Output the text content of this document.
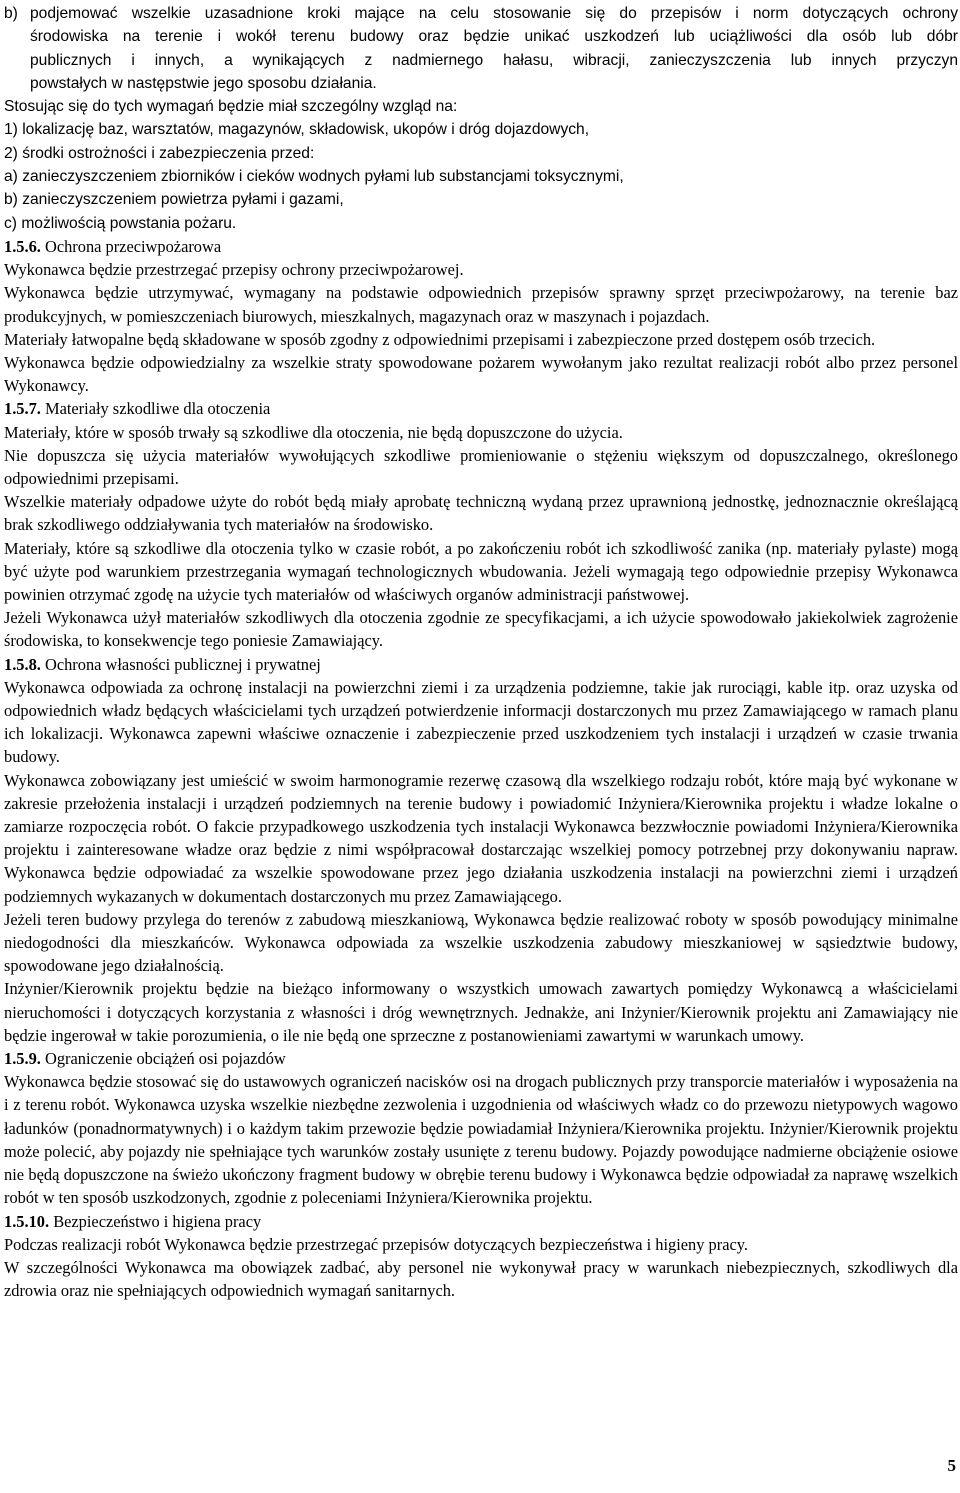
b) podjemować wszelkie uzasadnione kroki mające na celu stosowanie się do przepisów i norm dotyczących ochrony
środowiska na terenie i wokół terenu budowy oraz będzie unikać uszkodzeń lub uciążliwości dla osób lub dóbr
publicznych i innych, a wynikających z nadmiernego hałasu, wibracji, zanieczyszczenia lub innych przyczyn
powstałych w następstwie jego sposobu działania.

Stosując się do tych wymagań będzie miał szczególny wzgląd na:

1) lokalizację baz, warsztatów, magazynów, składowisk, ukopów i dróg dojazdowych,

2) środki ostrożności i zabezpieczenia przed:

a) zanieczyszczeniem zbiorników i cieków wodnych pyłami lub substancjami toksycznymi,

b) zanieczyszczeniem powietrza pyłami i gazami,

c) możliwością powstania pożaru.

1.5.6. Ochrona przeciwpożarowa

Wykonawca będzie przestrzegać przepisy ochrony przeciwpożarowej.

Wykonawca będzie utrzymywać, wymagany na podstawie odpowiednich przepisów sprawny sprzęt przeciwpożarowy, na terenie baz produkcyjnych, w pomieszczeniach biurowych, mieszkalnych, magazynach oraz w maszynach i pojazdach.

Materiały łatwopalne będą składowane w sposób zgodny z odpowiednimi przepisami i zabezpieczone przed dostępem osób trzecich.

Wykonawca będzie odpowiedzialny za wszelkie straty spowodowane pożarem wywołanym jako rezultat realizacji robót albo przez personel Wykonawcy.

1.5.7. Materiały szkodliwe dla otoczenia

Materiały, które w sposób trwały są szkodliwe dla otoczenia, nie będą dopuszczone do użycia.

Nie dopuszcza się użycia materiałów wywołujących szkodliwe promieniowanie o stężeniu większym od dopuszczalnego, określonego odpowiednimi przepisami.

Wszelkie materiały odpadowe użyte do robót będą miały aprobatę techniczną wydaną przez uprawnioną jednostkę, jednoznacznie określającą brak szkodliwego oddziaływania tych materiałów na środowisko.

Materiały, które są szkodliwe dla otoczenia tylko w czasie robót, a po zakończeniu robót ich szkodliwość zanika (np. materiały pylaste) mogą być użyte pod warunkiem przestrzegania wymagań technologicznych wbudowania. Jeżeli wymagają tego odpowiednie przepisy Wykonawca powinien otrzymać zgodę na użycie tych materiałów od właściwych organów administracji państwowej.

Jeżeli Wykonawca użył materiałów szkodliwych dla otoczenia zgodnie ze specyfikacjami, a ich użycie spowodowało jakiekolwiek zagrożenie środowiska, to konsekwencje tego poniesie Zamawiający.

1.5.8. Ochrona własności publicznej i prywatnej

Wykonawca odpowiada za ochronę instalacji na powierzchni ziemi i za urządzenia podziemne, takie jak rurociągi, kable itp. oraz uzyska od odpowiednich władz będących właścicielami tych urządzeń potwierdzenie informacji dostarczonych mu przez Zamawiającego w ramach planu ich lokalizacji. Wykonawca zapewni właściwe oznaczenie i zabezpieczenie przed uszkodzeniem tych instalacji i urządzeń w czasie trwania budowy.

Wykonawca zobowiązany jest umieścić w swoim harmonogramie rezerwę czasową dla wszelkiego rodzaju robót, które mają być wykonane w zakresie przełożenia instalacji i urządzeń podziemnych na terenie budowy i powiadomić Inżyniera/Kierownika projektu i władze lokalne o zamiarze rozpoczęcia robót. O fakcie przypadkowego uszkodzenia tych instalacji Wykonawca bezzwłocznie powiadomi Inżyniera/Kierownika projektu i zainteresowane władze oraz będzie z nimi współpracował dostarczając wszelkiej pomocy potrzebnej przy dokonywaniu napraw. Wykonawca będzie odpowiadać za wszelkie spowodowane przez jego działania uszkodzenia instalacji na powierzchni ziemi i urządzeń podziemnych wykazanych w dokumentach dostarczonych mu przez Zamawiającego.

Jeżeli teren budowy przylega do terenów z zabudową mieszkaniową, Wykonawca będzie realizować roboty w sposób powodujący minimalne niedogodności dla mieszkańców. Wykonawca odpowiada za wszelkie uszkodzenia zabudowy mieszkaniowej w sąsiedztwie budowy, spowodowane jego działalnością.

Inżynier/Kierownik projektu będzie na bieżąco informowany o wszystkich umowach zawartych pomiędzy Wykonawcą a właścicielami nieruchomości i dotyczących korzystania z własności i dróg wewnętrznych. Jednakże, ani Inżynier/Kierownik projektu ani Zamawiający nie będzie ingerował w takie porozumienia, o ile nie będą one sprzeczne z postanowieniami zawartymi w warunkach umowy.

1.5.9. Ograniczenie obciążeń osi pojazdów

Wykonawca będzie stosować się do ustawowych ograniczeń nacisków osi na drogach publicznych przy transporcie materiałów i wyposażenia na i z terenu robót. Wykonawca uzyska wszelkie niezbędne zezwolenia i uzgodnienia od właściwych władz co do przewozu nietypowych wagowo ładunków (ponadnormatywnych) i o każdym takim przewozie będzie powiadamiał Inżyniera/Kierownika projektu. Inżynier/Kierownik projektu może polecić, aby pojazdy nie spełniające tych warunków zostały usunięte z terenu budowy. Pojazdy powodujące nadmierne obciążenie osiowe nie będą dopuszczone na świeżo ukończony fragment budowy w obrębie terenu budowy i Wykonawca będzie odpowiadał za naprawę wszelkich robót w ten sposób uszkodzonych, zgodnie z poleceniami Inżyniera/Kierownika projektu.

1.5.10. Bezpieczeństwo i higiena pracy

Podczas realizacji robót Wykonawca będzie przestrzegać przepisów dotyczących bezpieczeństwa i higieny pracy.

W szczególności Wykonawca ma obowiązek zadbać, aby personel nie wykonywał pracy w warunkach niebezpiecznych, szkodliwych dla zdrowia oraz nie spełniających odpowiednich wymagań sanitarnych.

5
